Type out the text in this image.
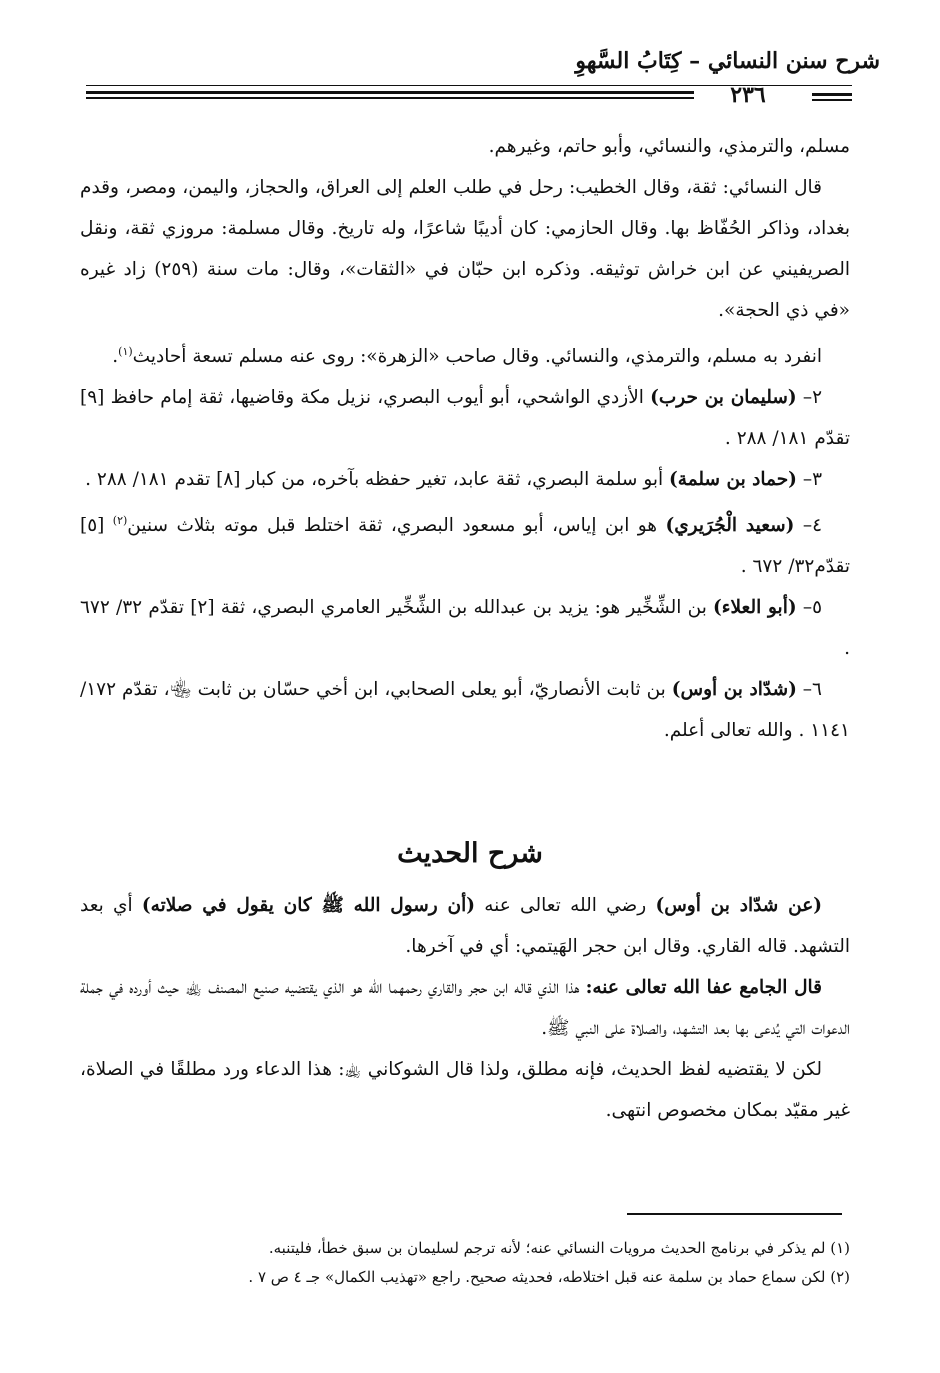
شرح سنن النسائي – كِتَابُ السَّهوِ
٢٣٦

مسلم، والترمذي، والنسائي، وأبو حاتم، وغيرهم.

قال النسائي: ثقة، وقال الخطيب: رحل في طلب العلم إلى العراق، والحجاز، واليمن، ومصر، وقدم بغداد، وذاكر الحُفّاظ بها. وقال الحازمي: كان أديبًا شاعرًا، وله تاريخ. وقال مسلمة: مروزي ثقة، ونقل الصريفيني عن ابن خراش توثيقه. وذكره ابن حبّان في «الثقات»، وقال: مات سنة (٢٥٩) زاد غيره «في ذي الحجة».

انفرد به مسلم، والترمذي، والنسائي. وقال صاحب «الزهرة»: روى عنه مسلم تسعة أحاديث$^{(١)}$.

٢– (سليمان بن حرب) الأزدي الواشحي، أبو أيوب البصري، نزيل مكة وقاضيها، ثقة إمام حافظ [٩] تقدّم ١٨١/ ٢٨٨ .

٣– (حماد بن سلمة) أبو سلمة البصري، ثقة عابد، تغير حفظه بآخره، من كبار [٨] تقدم ١٨١/ ٢٨٨ .

٤– (سعيد الْجُرَيري) هو ابن إياس، أبو مسعود البصري، ثقة اختلط قبل موته بثلاث سنين$^{(٢)}$ [٥] تقدّم٣٢/ ٦٧٢ .

٥– (أبو العلاء) بن الشِّخِّير هو: يزيد بن عبدالله بن الشِّخِّير العامري البصري، ثقة [٢] تقدّم ٣٢/ ٦٧٢ .

٦– (شدّاد بن أوس) بن ثابت الأنصاريّ، أبو يعلى الصحابي، ابن أخي حسّان بن ثابت ﵄، تقدّم ١٧٢/ ١١٤١ . والله تعالى أعلم.

شرح الحديث

(عن شدّاد بن أوس) رضي الله تعالى عنه (أن رسول الله ﷺ كان يقول في صلاته) أي بعد التشهد. قاله القاري. وقال ابن حجر الهَيتمي: أي في آخرها.

قال الجامع عفا الله تعالى عنه: هذا الذي قاله ابن حجر والقاري رحمهما الله هو الذي يقتضيه صنيع المصنف ﵀ حيث أورده في جملة الدعوات التي يُدعى بها بعد التشهد، والصلاة على النبي ﷺ.

لكن لا يقتضيه لفظ الحديث، فإنه مطلق، ولذا قال الشوكاني ﵀: هذا الدعاء ورد مطلقًا في الصلاة، غير مقيّد بمكان مخصوص انتهى.

(١) لم يذكر في برنامج الحديث مرويات النسائي عنه؛ لأنه ترجم لسليمان بن سبق خطأ، فليتنبه.

(٢) لكن سماع حماد بن سلمة عنه قبل اختلاطه، فحديثه صحيح. راجع «تهذيب الكمال» جـ ٤ ص ٧ .
